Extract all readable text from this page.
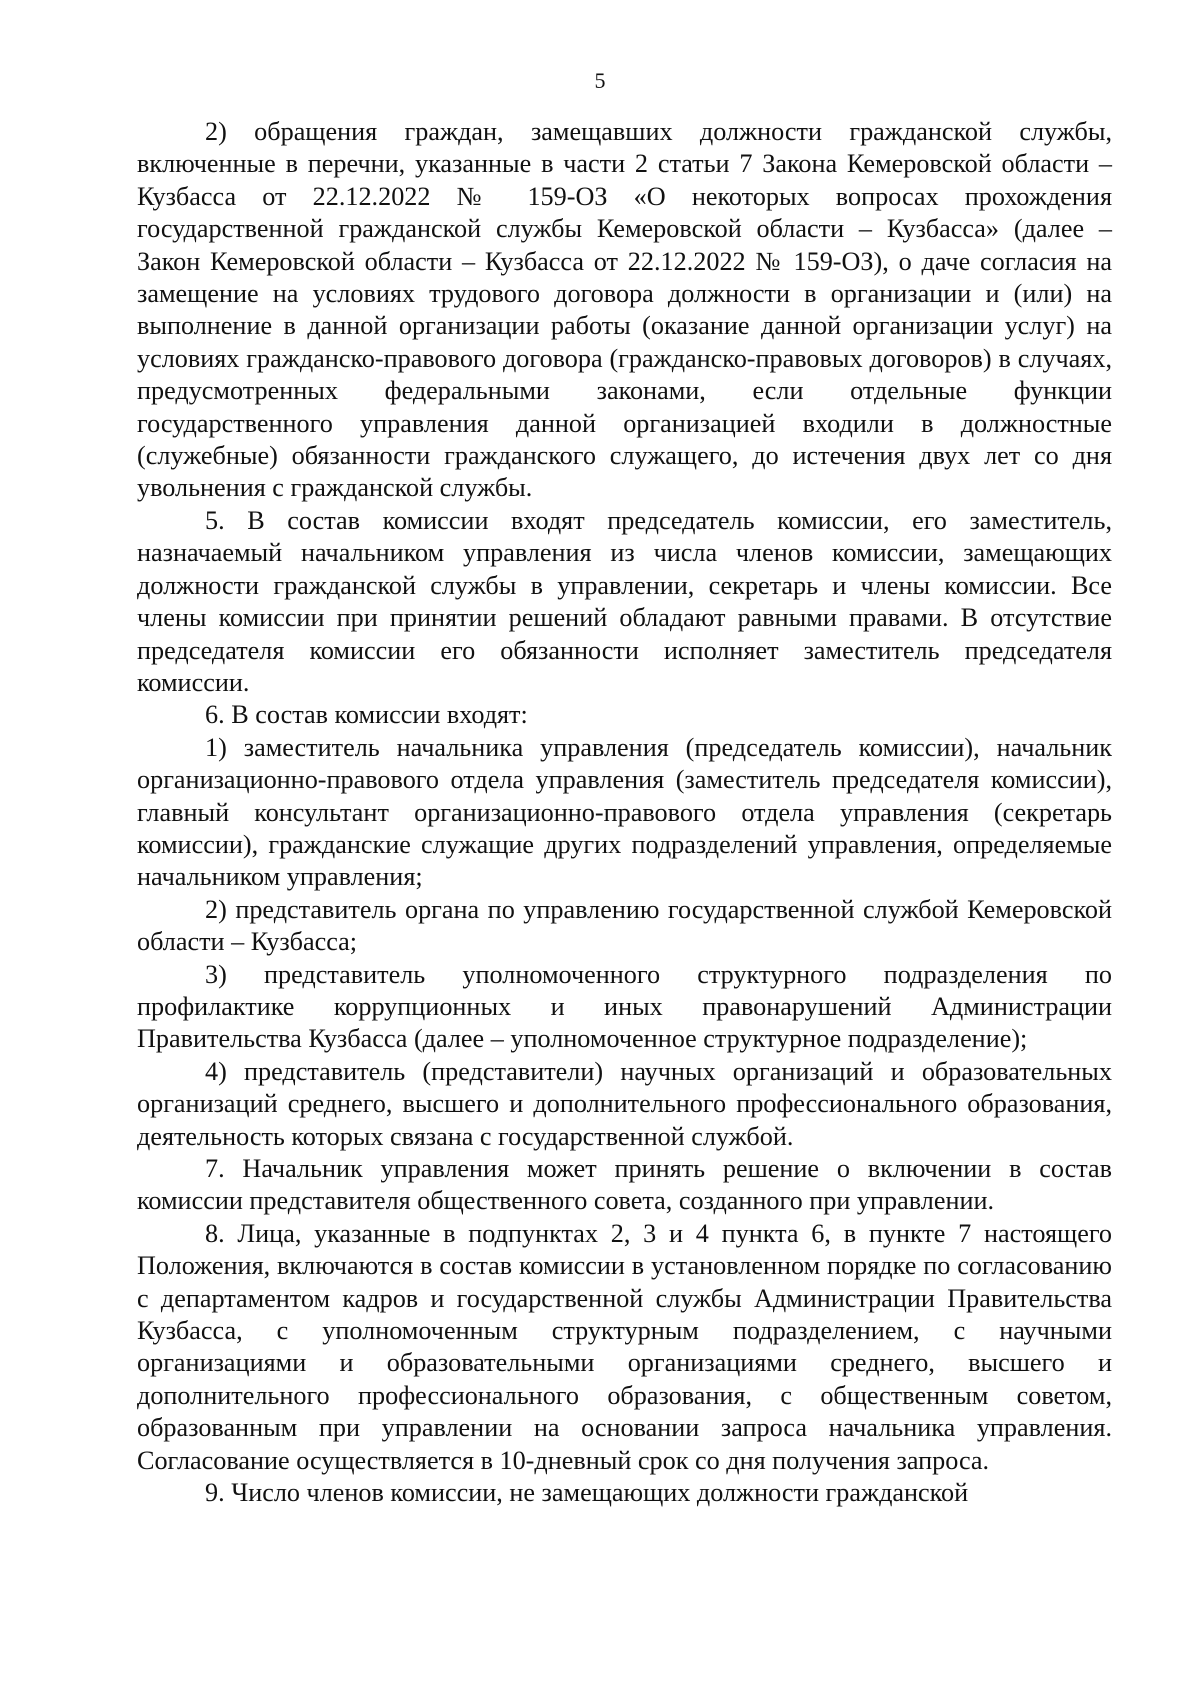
5

2) обращения граждан, замещавших должности гражданской службы, включенные в перечни, указанные в части 2 статьи 7 Закона Кемеровской области – Кузбасса от 22.12.2022 № 159-ОЗ «О некоторых вопросах прохождения государственной гражданской службы Кемеровской области – Кузбасса» (далее – Закон Кемеровской области – Кузбасса от 22.12.2022 № 159-ОЗ), о даче согласия на замещение на условиях трудового договора должности в организации и (или) на выполнение в данной организации работы (оказание данной организации услуг) на условиях гражданско-правового договора (гражданско-правовых договоров) в случаях, предусмотренных федеральными законами, если отдельные функции государственного управления данной организацией входили в должностные (служебные) обязанности гражданского служащего, до истечения двух лет со дня увольнения с гражданской службы.

5. В состав комиссии входят председатель комиссии, его заместитель, назначаемый начальником управления из числа членов комиссии, замещающих должности гражданской службы в управлении, секретарь и члены комиссии. Все члены комиссии при принятии решений обладают равными правами. В отсутствие председателя комиссии его обязанности исполняет заместитель председателя комиссии.

6. В состав комиссии входят:

1) заместитель начальника управления (председатель комиссии), начальник организационно-правового отдела управления (заместитель председателя комиссии), главный консультант организационно-правового отдела управления (секретарь комиссии), гражданские служащие других подразделений управления, определяемые начальником управления;

2) представитель органа по управлению государственной службой Кемеровской области – Кузбасса;

3) представитель уполномоченного структурного подразделения по профилактике коррупционных и иных правонарушений Администрации Правительства Кузбасса (далее – уполномоченное структурное подразделение);

4) представитель (представители) научных организаций и образовательных организаций среднего, высшего и дополнительного профессионального образования, деятельность которых связана с государственной службой.

7. Начальник управления может принять решение о включении в состав комиссии представителя общественного совета, созданного при управлении.

8. Лица, указанные в подпунктах 2, 3 и 4 пункта 6, в пункте 7 настоящего Положения, включаются в состав комиссии в установленном порядке по согласованию с департаментом кадров и государственной службы Администрации Правительства Кузбасса, с уполномоченным структурным подразделением, с научными организациями и образовательными организациями среднего, высшего и дополнительного профессионального образования, с общественным советом, образованным при управлении на основании запроса начальника управления. Согласование осуществляется в 10-дневный срок со дня получения запроса.

9. Число членов комиссии, не замещающих должности гражданской
